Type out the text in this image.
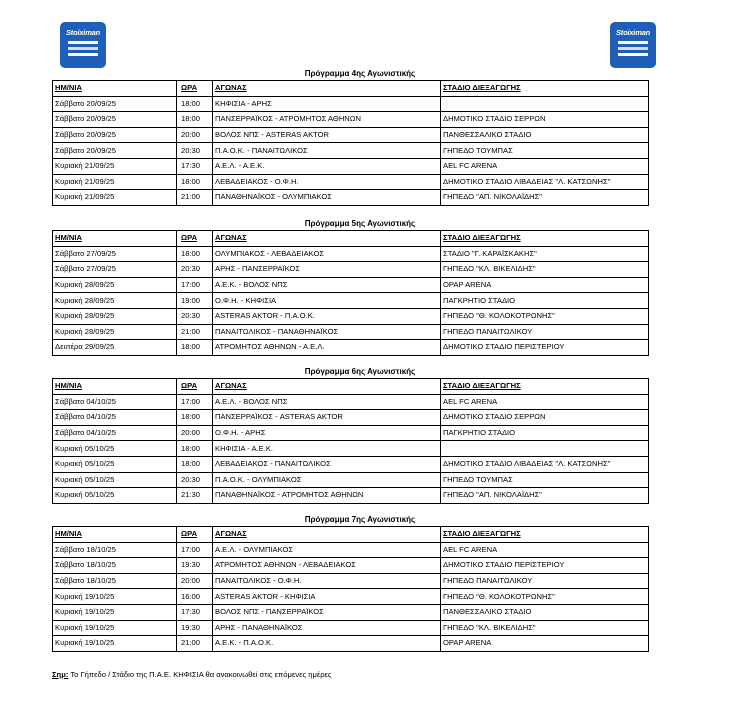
Stoiximan	Stoiximan
Πρόγραμμα 4ης Αγωνιστικής
ΗΜ/ΝΙΑ	ΩΡΑ	ΑΓΩΝΑΣ	ΣΤΑΔΙΟ ΔΙΕΞΑΓΩΓΗΣ
Σάββατο 20/09/25	18:00	ΚΗΦΙΣΙΑ - ΑΡΗΣ	
Σάββατο 20/09/25	18:00	ΠΑΝΣΕΡΡΑΪΚΟΣ - ΑΤΡΟΜΗΤΟΣ ΑΘΗΝΩΝ	ΔΗΜΟΤΙΚΟ ΣΤΑΔΙΟ ΣΕΡΡΩΝ
Σάββατο 20/09/25	20:00	ΒΟΛΟΣ ΝΠΣ - ASTERAS AKTOR	ΠΑΝΘΕΣΣΑΛΙΚΟ ΣΤΑΔΙΟ
Σάββατο 20/09/25	20:30	Π.Α.Ο.Κ. - ΠΑΝΑΙΤΩΛΙΚΟΣ	ΓΗΠΕΔΟ ΤΟΥΜΠΑΣ
Κυριακή 21/09/25	17:30	Α.Ε.Λ. - Α.Ε.Κ.	AEL FC ARENA
Κυριακή 21/09/25	18:00	ΛΕΒΑΔΕΙΑΚΟΣ - Ο.Φ.Η.	ΔΗΜΟΤΙΚΟ ΣΤΑΔΙΟ ΛΙΒΑΔΕΙΑΣ "Λ. ΚΑΤΣΩΝΗΣ"
Κυριακή 21/09/25	21:00	ΠΑΝΑΘΗΝΑΪΚΟΣ - ΟΛΥΜΠΙΑΚΟΣ	ΓΗΠΕΔΟ "ΑΠ. ΝΙΚΟΛΑΪΔΗΣ"
Πρόγραμμα 5ης Αγωνιστικής
ΗΜ/ΝΙΑ	ΩΡΑ	ΑΓΩΝΑΣ	ΣΤΑΔΙΟ ΔΙΕΞΑΓΩΓΗΣ
Σάββατο 27/09/25	18:00	ΟΛΥΜΠΙΑΚΟΣ - ΛΕΒΑΔΕΙΑΚΟΣ	ΣΤΑΔΙΟ "Γ. ΚΑΡΑΪΣΚΑΚΗΣ"
Σάββατο 27/09/25	20:30	ΑΡΗΣ - ΠΑΝΣΕΡΡΑΪΚΟΣ	ΓΗΠΕΔΟ "ΚΛ. ΒΙΚΕΛΙΔΗΣ"
Κυριακή 28/09/25	17:00	Α.Ε.Κ. - ΒΟΛΟΣ ΝΠΣ	OPAP ARENA
Κυριακή 28/09/25	19:00	Ο.Φ.Η. - ΚΗΦΙΣΙΑ	ΠΑΓΚΡΗΤΙΟ ΣΤΑΔΙΟ
Κυριακή 28/09/25	20:30	ASTERAS AKTOR - Π.Α.Ο.Κ.	ΓΗΠΕΔΟ "Θ. ΚΟΛΟΚΟΤΡΩΝΗΣ"
Κυριακή 28/09/25	21:00	ΠΑΝΑΙΤΩΛΙΚΟΣ - ΠΑΝΑΘΗΝΑΪΚΟΣ	ΓΗΠΕΔΟ ΠΑΝΑΙΤΩΛΙΚΟΥ
Δευτέρα 29/09/25	18:00	ΑΤΡΟΜΗΤΟΣ ΑΘΗΝΩΝ - Α.Ε.Λ.	ΔΗΜΟΤΙΚΟ ΣΤΑΔΙΟ ΠΕΡΙΣΤΕΡΙΟΥ
Πρόγραμμα 6ης Αγωνιστικής
ΗΜ/ΝΙΑ	ΩΡΑ	ΑΓΩΝΑΣ	ΣΤΑΔΙΟ ΔΙΕΞΑΓΩΓΗΣ
Σάββατο 04/10/25	17:00	Α.Ε.Λ. - ΒΟΛΟΣ ΝΠΣ	AEL FC ARENA
Σάββατο 04/10/25	18:00	ΠΑΝΣΕΡΡΑΪΚΟΣ - ASTERAS AKTOR	ΔΗΜΟΤΙΚΟ ΣΤΑΔΙΟ ΣΕΡΡΩΝ
Σάββατο 04/10/25	20:00	Ο.Φ.Η. - ΑΡΗΣ	ΠΑΓΚΡΗΤΙΟ ΣΤΑΔΙΟ
Κυριακή 05/10/25	18:00	ΚΗΦΙΣΙΑ - Α.Ε.Κ.	
Κυριακή 05/10/25	18:00	ΛΕΒΑΔΕΙΑΚΟΣ - ΠΑΝΑΙΤΩΛΙΚΟΣ	ΔΗΜΟΤΙΚΟ ΣΤΑΔΙΟ ΛΙΒΑΔΕΙΑΣ "Λ. ΚΑΤΣΩΝΗΣ"
Κυριακή 05/10/25	20:30	Π.Α.Ο.Κ. - ΟΛΥΜΠΙΑΚΟΣ	ΓΗΠΕΔΟ ΤΟΥΜΠΑΣ
Κυριακή 05/10/25	21:30	ΠΑΝΑΘΗΝΑΪΚΟΣ - ΑΤΡΟΜΗΤΟΣ ΑΘΗΝΩΝ	ΓΗΠΕΔΟ "ΑΠ. ΝΙΚΟΛΑΪΔΗΣ"
Πρόγραμμα 7ης Αγωνιστικής
ΗΜ/ΝΙΑ	ΩΡΑ	ΑΓΩΝΑΣ	ΣΤΑΔΙΟ ΔΙΕΞΑΓΩΓΗΣ
Σάββατο 18/10/25	17:00	Α.Ε.Λ. - ΟΛΥΜΠΙΑΚΟΣ	AEL FC ARENA
Σάββατο 18/10/25	19:30	ΑΤΡΟΜΗΤΟΣ ΑΘΗΝΩΝ - ΛΕΒΑΔΕΙΑΚΟΣ	ΔΗΜΟΤΙΚΟ ΣΤΑΔΙΟ ΠΕΡΙΣΤΕΡΙΟΥ
Σάββατο 18/10/25	20:00	ΠΑΝΑΙΤΩΛΙΚΟΣ - Ο.Φ.Η.	ΓΗΠΕΔΟ ΠΑΝΑΙΤΩΛΙΚΟΥ
Κυριακή 19/10/25	16:00	ASTERAS AKTOR - ΚΗΦΙΣΙΑ	ΓΗΠΕΔΟ "Θ. ΚΟΛΟΚΟΤΡΩΝΗΣ"
Κυριακή 19/10/25	17:30	ΒΟΛΟΣ ΝΠΣ - ΠΑΝΣΕΡΡΑΪΚΟΣ	ΠΑΝΘΕΣΣΑΛΙΚΟ ΣΤΑΔΙΟ
Κυριακή 19/10/25	19:30	ΑΡΗΣ - ΠΑΝΑΘΗΝΑΪΚΟΣ	ΓΗΠΕΔΟ "ΚΛ. ΒΙΚΕΛΙΔΗΣ"
Κυριακή 19/10/25	21:00	Α.Ε.Κ. - Π.Α.Ο.Κ.	OPAP ARENA
Σημ: Το Γήπεδο / Στάδιο της Π.Α.Ε. ΚΗΦΙΣΙΑ θα ανακοινωθεί στις επόμενες ημέρες
